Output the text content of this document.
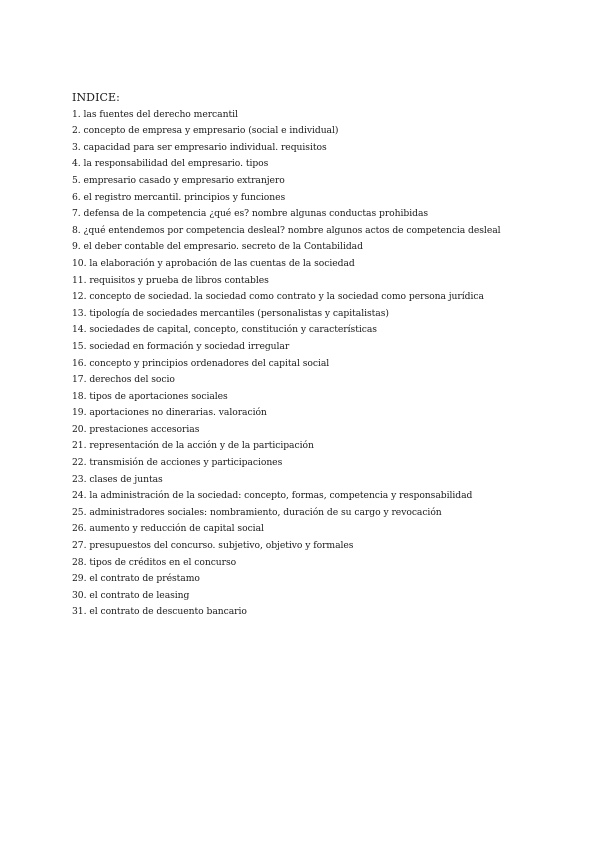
INDICE:
1. las fuentes del derecho mercantil
2. concepto de empresa y empresario (social e individual)
3. capacidad para ser empresario individual. requisitos
4. la responsabilidad del empresario. tipos
5. empresario casado y empresario extranjero
6. el registro mercantil. principios y funciones
7. defensa de la competencia ¿qué es? nombre algunas conductas prohibidas
8. ¿qué entendemos por competencia desleal? nombre algunos actos de competencia desleal
9. el deber contable del empresario. secreto de la Contabilidad
10. la elaboración y aprobación de las cuentas de la sociedad
11. requisitos y prueba de libros contables
12. concepto de sociedad. la sociedad como contrato y la sociedad como persona jurídica
13. tipología de sociedades mercantiles (personalistas y capitalistas)
14. sociedades de capital, concepto, constitución y características
15. sociedad en formación y sociedad irregular
16. concepto y principios ordenadores del capital social
17. derechos del socio
18. tipos de aportaciones sociales
19. aportaciones no dinerarias. valoración
20. prestaciones accesorias
21. representación de la acción y de la participación
22. transmisión de acciones y participaciones
23. clases de juntas
24. la administración de la sociedad: concepto, formas, competencia y responsabilidad
25. administradores sociales: nombramiento, duración de su cargo y revocación
26. aumento y reducción de capital social
27. presupuestos del concurso. subjetivo, objetivo y formales
28. tipos de créditos en el concurso
29. el contrato de préstamo
30. el contrato de leasing
31. el contrato de descuento bancario
